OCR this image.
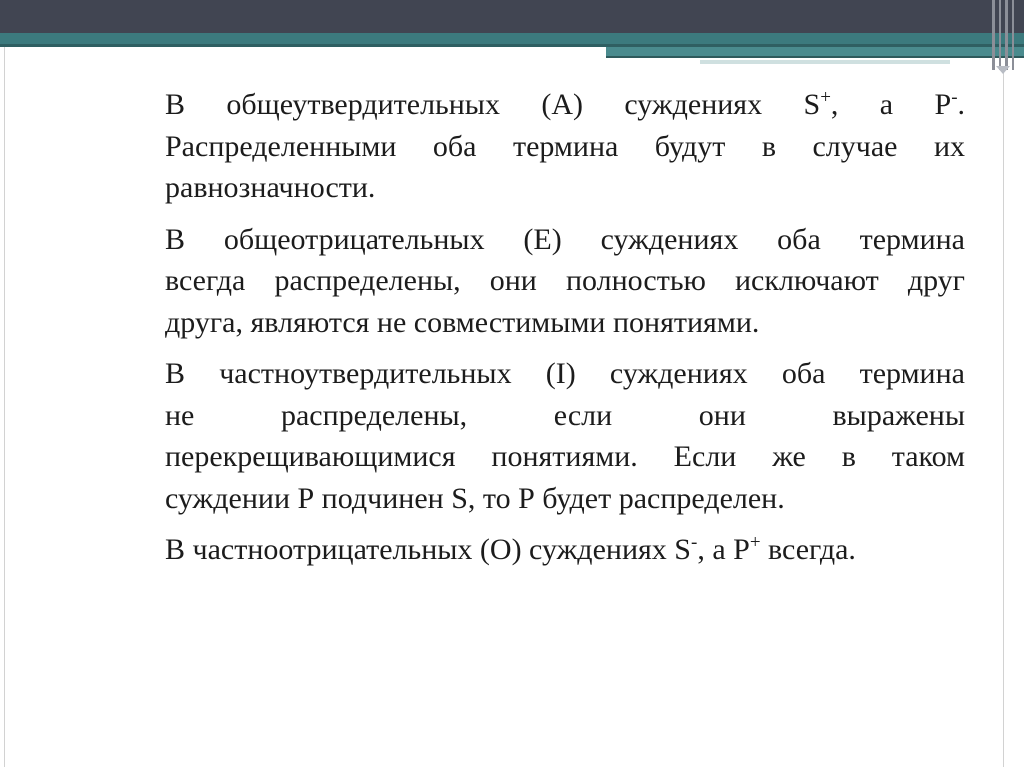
В общеутвердительных (А) суждениях S+, а Р-.
Распределенными оба термина будут в случае их
равнозначности.
В общеотрицательных (Е) суждениях оба термина
всегда распределены, они полностью исключают друг
друга, являются не совместимыми понятиями.
В частноутвердительных (I) суждениях оба термина
не распределены, если они выражены
перекрещивающимися понятиями. Если же в таком
суждении Р подчинен S, то Р будет распределен.
В частноотрицательных (О) суждениях S-, а Р+ всегда.
